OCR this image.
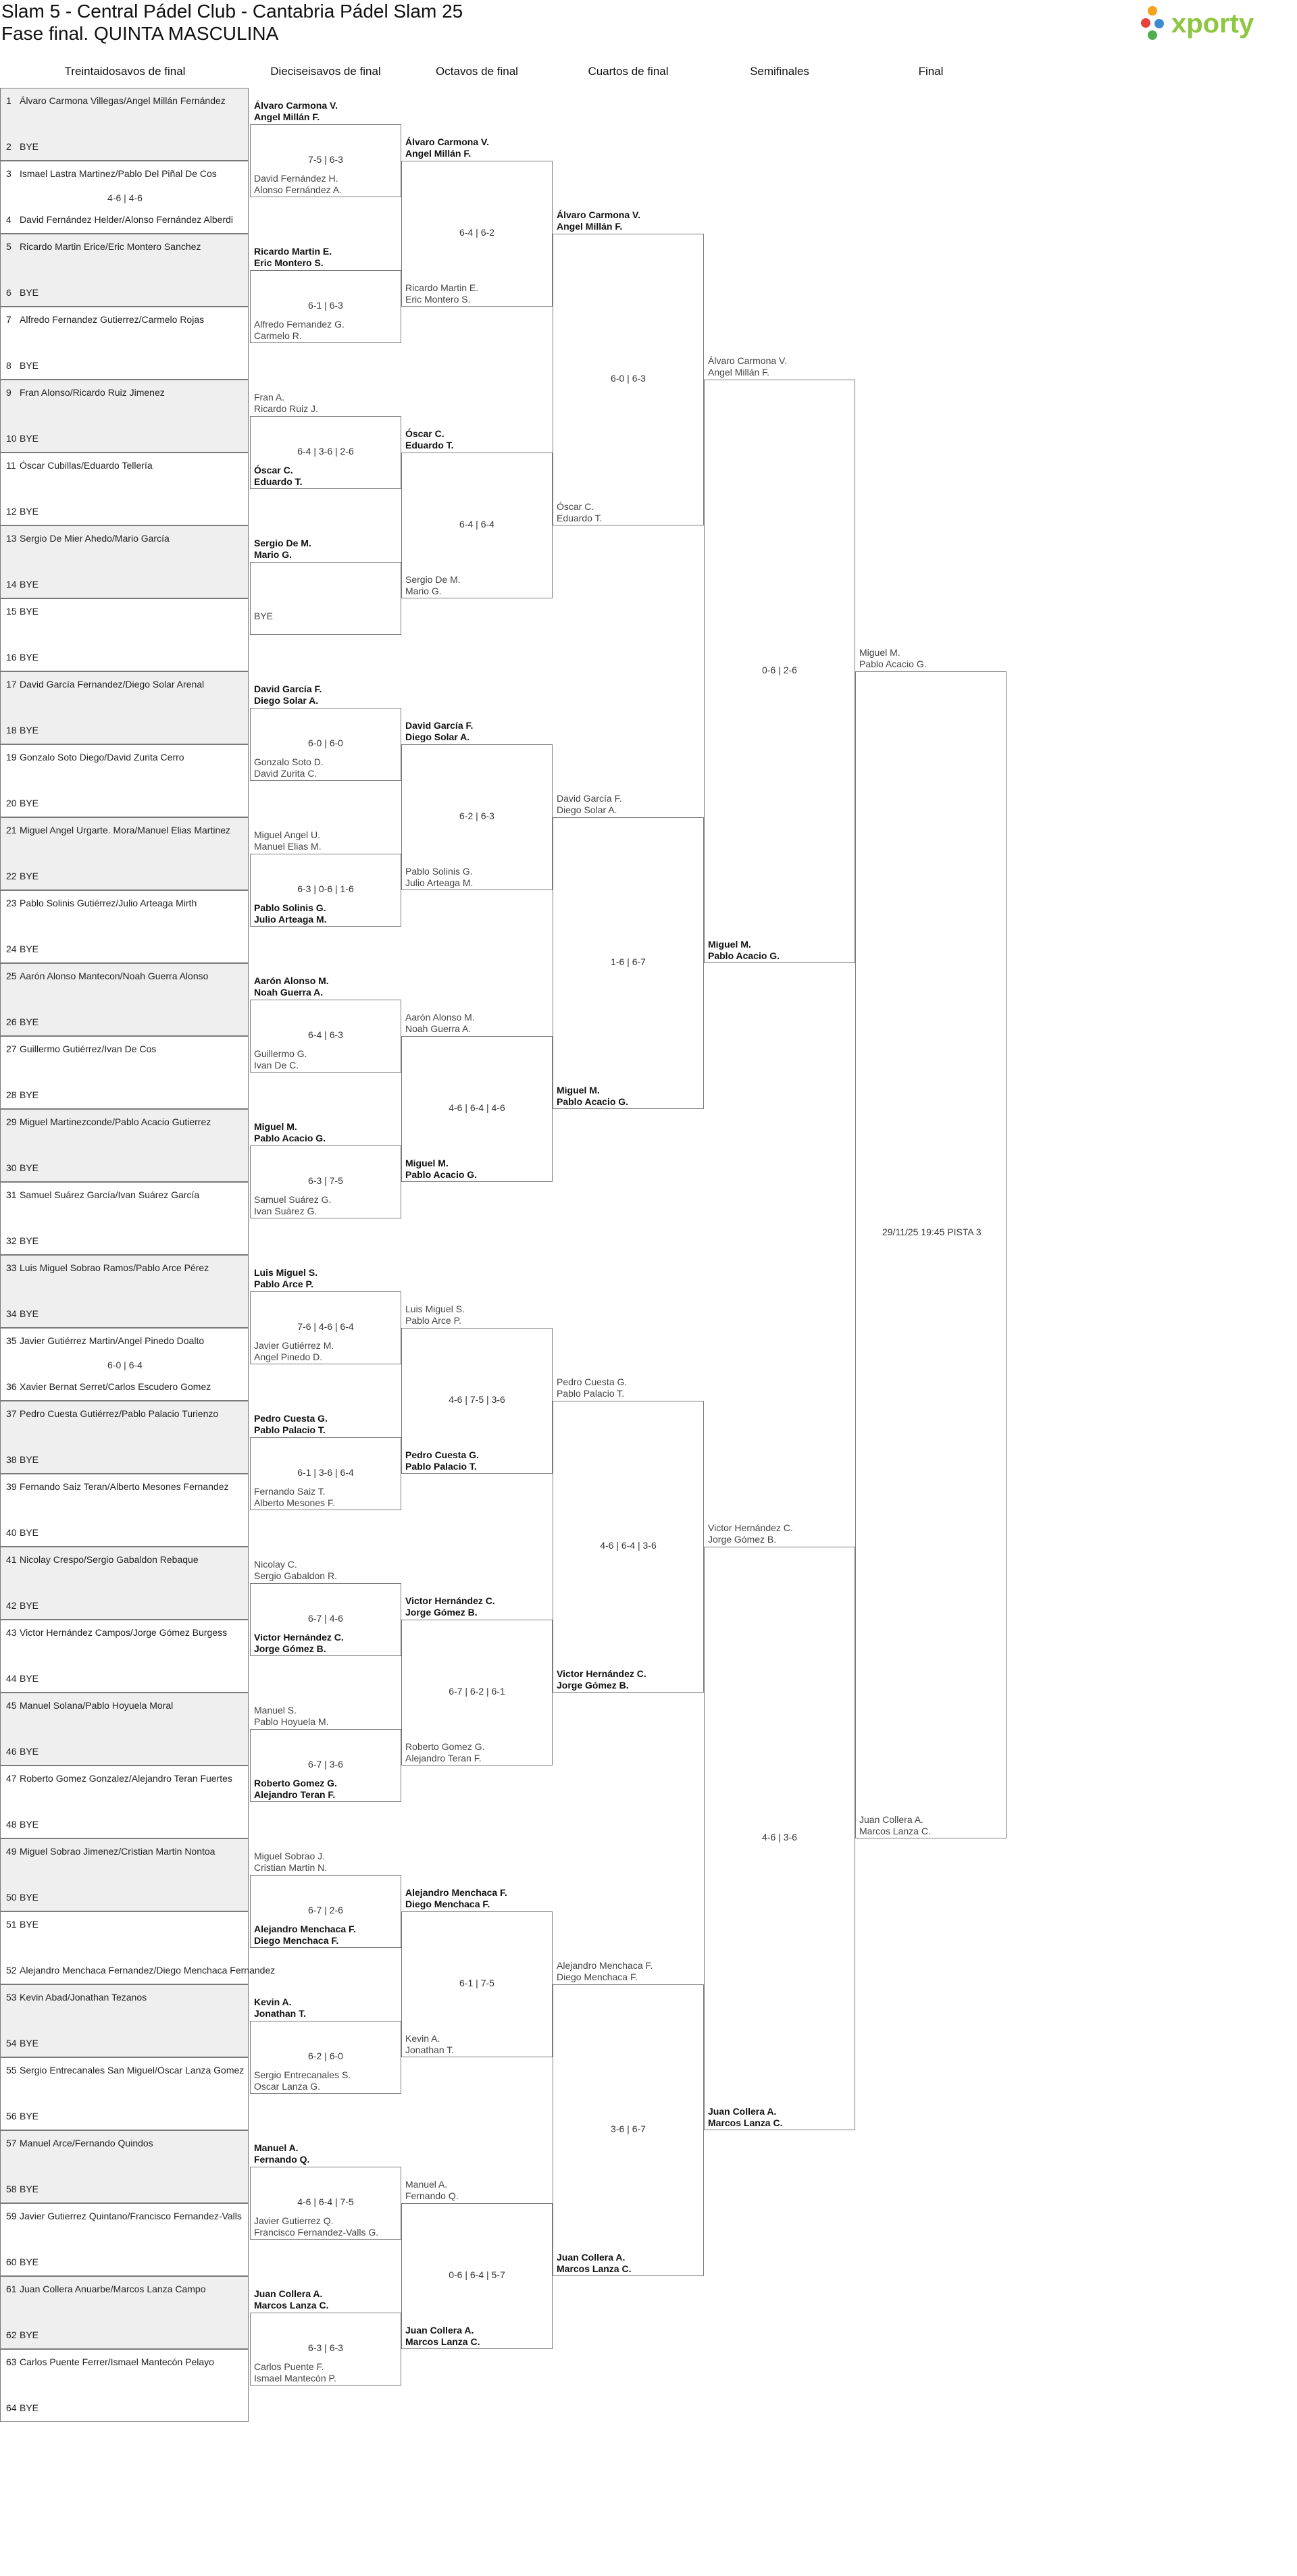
Slam 5 - Central Pádel Club - Cantabria Pádel Slam 25
Fase final. QUINTA MASCULINA	xporty
Treintaidosavos de final	Dieciseisavos de final	Octavos de final	Cuartos de final	Semifinales	Final
1 Álvaro Carmona Villegas/Angel Millán Fernández
2 BYE
3 Ismael Lastra Martinez/Pablo Del Piñal De Cos
4 David Fernández Helder/Alonso Fernández Alberdi
4-6 | 4-6
5 Ricardo Martin Erice/Eric Montero Sanchez
6 BYE
7 Alfredo Fernandez Gutierrez/Carmelo Rojas
8 BYE
9 Fran Alonso/Ricardo Ruiz Jimenez
10 BYE
11 Óscar Cubillas/Eduardo Tellería
12 BYE
13 Sergio De Mier Ahedo/Mario García
14 BYE
15 BYE
16 BYE
17 David García Fernandez/Diego Solar Arenal
18 BYE
19 Gonzalo Soto Diego/David Zurita Cerro
20 BYE
21 Miguel Angel Urgarte. Mora/Manuel Elias Martinez
22 BYE
23 Pablo Solinis Gutiérrez/Julio Arteaga Mirth
24 BYE
25 Aarón Alonso Mantecon/Noah Guerra Alonso
26 BYE
27 Guillermo Gutiérrez/Ivan De Cos
28 BYE
29 Miguel Martinezconde/Pablo Acacio Gutierrez
30 BYE
31 Samuel Suárez García/Ivan Suárez García
32 BYE
33 Luis Miguel Sobrao Ramos/Pablo Arce Pérez
34 BYE
35 Javier Gutiérrez Martin/Angel Pinedo Doalto
36 Xavier Bernat Serret/Carlos Escudero Gomez
6-0 | 6-4
37 Pedro Cuesta Gutiérrez/Pablo Palacio Turienzo
38 BYE
39 Fernando Saiz Teran/Alberto Mesones Fernandez
40 BYE
41 Nicolay Crespo/Sergio Gabaldon Rebaque
42 BYE
43 Victor Hernández Campos/Jorge Gómez Burgess
44 BYE
45 Manuel Solana/Pablo Hoyuela Moral
46 BYE
47 Roberto Gomez Gonzalez/Alejandro Teran Fuertes
48 BYE
49 Miguel Sobrao Jimenez/Cristian Martin Nontoa
50 BYE
51 BYE
52 Alejandro Menchaca Fernandez/Diego Menchaca Fernandez
53 Kevin Abad/Jonathan Tezanos
54 BYE
55 Sergio Entrecanales San Miguel/Oscar Lanza Gomez
56 BYE
57 Manuel Arce/Fernando Quindos
58 BYE
59 Javier Gutierrez Quintano/Francisco Fernandez-Valls
60 BYE
61 Juan Collera Anuarbe/Marcos Lanza Campo
62 BYE
63 Carlos Puente Ferrer/Ismael Mantecón Pelayo
64 BYE
Álvaro Carmona V.
Angel Millán F.
David Fernández H.
Alonso Fernández A.
7-5 | 6-3
Ricardo Martin E.
Eric Montero S.
Alfredo Fernandez G.
Carmelo R.
6-1 | 6-3
Fran A.
Ricardo Ruiz J.
Óscar C.
Eduardo T.
6-4 | 3-6 | 2-6
Sergio De M.
Mario G.
BYE
David García F.
Diego Solar A.
Gonzalo Soto D.
David Zurita C.
6-0 | 6-0
Miguel Angel U.
Manuel Elias M.
Pablo Solinis G.
Julio Arteaga M.
6-3 | 0-6 | 1-6
Aarón Alonso M.
Noah Guerra A.
Guillermo G.
Ivan De C.
6-4 | 6-3
Miguel M.
Pablo Acacio G.
Samuel Suárez G.
Ivan Suárez G.
6-3 | 7-5
Luis Miguel S.
Pablo Arce P.
Javier Gutiérrez M.
Angel Pinedo D.
7-6 | 4-6 | 6-4
Pedro Cuesta G.
Pablo Palacio T.
Fernando Saiz T.
Alberto Mesones F.
6-1 | 3-6 | 6-4
Nicolay C.
Sergio Gabaldon R.
Victor Hernández C.
Jorge Gómez B.
6-7 | 4-6
Manuel S.
Pablo Hoyuela M.
Roberto Gomez G.
Alejandro Teran F.
6-7 | 3-6
Miguel Sobrao J.
Cristian Martin N.
Alejandro Menchaca F.
Diego Menchaca F.
6-7 | 2-6
Kevin A.
Jonathan T.
Sergio Entrecanales S.
Oscar Lanza G.
6-2 | 6-0
Manuel A.
Fernando Q.
Javier Gutierrez Q.
Francisco Fernandez-Valls G.
4-6 | 6-4 | 7-5
Juan Collera A.
Marcos Lanza C.
Carlos Puente F.
Ismael Mantecón P.
6-3 | 6-3
Álvaro Carmona V.
Angel Millán F.
Ricardo Martin E.
Eric Montero S.
6-4 | 6-2
Óscar C.
Eduardo T.
Sergio De M.
Mario G.
6-4 | 6-4
David García F.
Diego Solar A.
Pablo Solinis G.
Julio Arteaga M.
6-2 | 6-3
Aarón Alonso M.
Noah Guerra A.
Miguel M.
Pablo Acacio G.
4-6 | 6-4 | 4-6
Luis Miguel S.
Pablo Arce P.
Pedro Cuesta G.
Pablo Palacio T.
4-6 | 7-5 | 3-6
Victor Hernández C.
Jorge Gómez B.
Roberto Gomez G.
Alejandro Teran F.
6-7 | 6-2 | 6-1
Alejandro Menchaca F.
Diego Menchaca F.
Kevin A.
Jonathan T.
6-1 | 7-5
Manuel A.
Fernando Q.
Juan Collera A.
Marcos Lanza C.
0-6 | 6-4 | 5-7
Álvaro Carmona V.
Angel Millán F.
Óscar C.
Eduardo T.
6-0 | 6-3
David García F.
Diego Solar A.
Miguel M.
Pablo Acacio G.
1-6 | 6-7
Pedro Cuesta G.
Pablo Palacio T.
Victor Hernández C.
Jorge Gómez B.
4-6 | 6-4 | 3-6
Alejandro Menchaca F.
Diego Menchaca F.
Juan Collera A.
Marcos Lanza C.
3-6 | 6-7
Álvaro Carmona V.
Angel Millán F.
Miguel M.
Pablo Acacio G.
0-6 | 2-6
Victor Hernández C.
Jorge Gómez B.
Juan Collera A.
Marcos Lanza C.
4-6 | 3-6
Miguel M.
Pablo Acacio G.
Juan Collera A.
Marcos Lanza C.
29/11/25 19:45 PISTA 3
